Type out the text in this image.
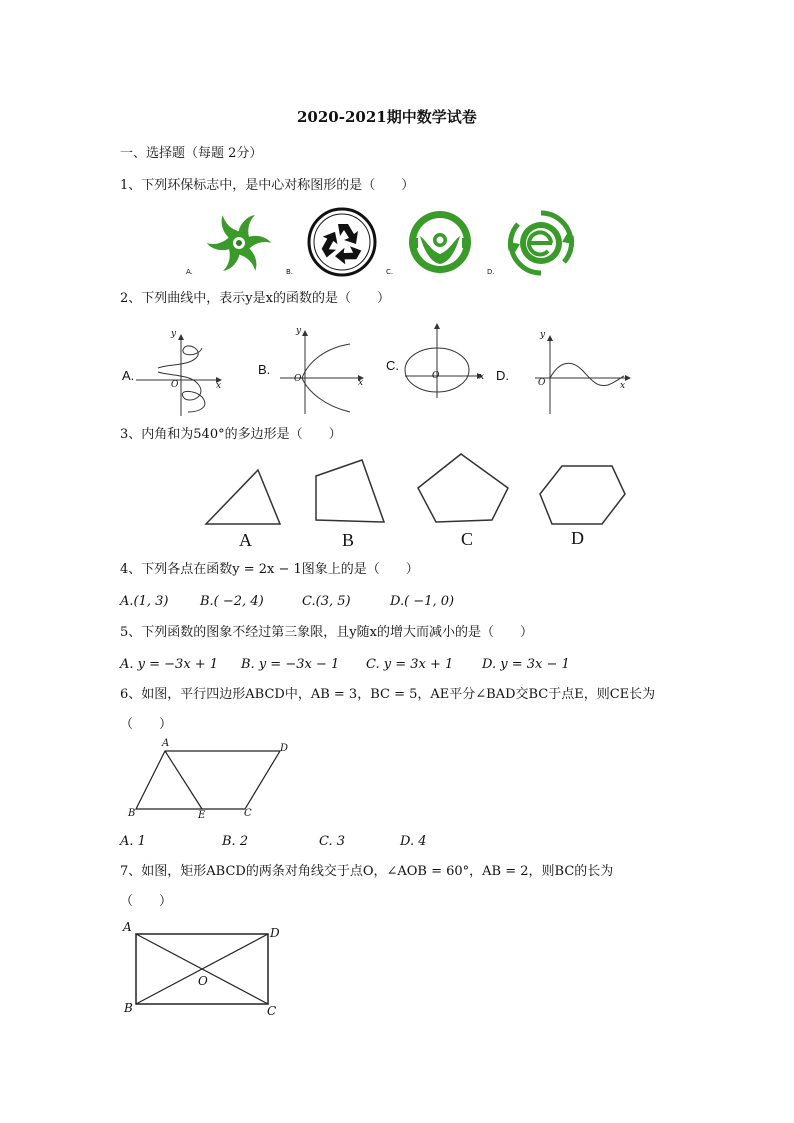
2020-2021期中数学试卷
一、选择题（每题 2分）
1、下列环保标志中，是中心对称图形的是（　　）
A.	B.	C.	D.
2、下列曲线中，表示y是x的函数的是（　　）
A.
y
x
O
B.
y
x
O
C.
x
O	D.
y
x
O
3、内角和为540°的多边形是（　　）
A	B	C	D
4、下列各点在函数y = 2x − 1图象上的是（　　）
A.(1, 3) B.( −2, 4)	C.(3, 5)	D.( −1, 0)
5、下列函数的图象不经过第三象限，且y随x的增大而减小的是（　　）
A. y = −3x + 1 B. y = −3x − 1 C. y = 3x + 1 D. y = 3x − 1
6、如图，平行四边形ABCD中，AB = 3，BC = 5，AE平分∠BAD交BC于点E，则CE长为
（　　）
A	D
B	E	C
A. 1	B. 2	C. 3	D. 4
7、如图，矩形ABCD的两条对角线交于点O，∠AOB = 60°，AB = 2，则BC的长为
（　　）
A	D
O
B	C
